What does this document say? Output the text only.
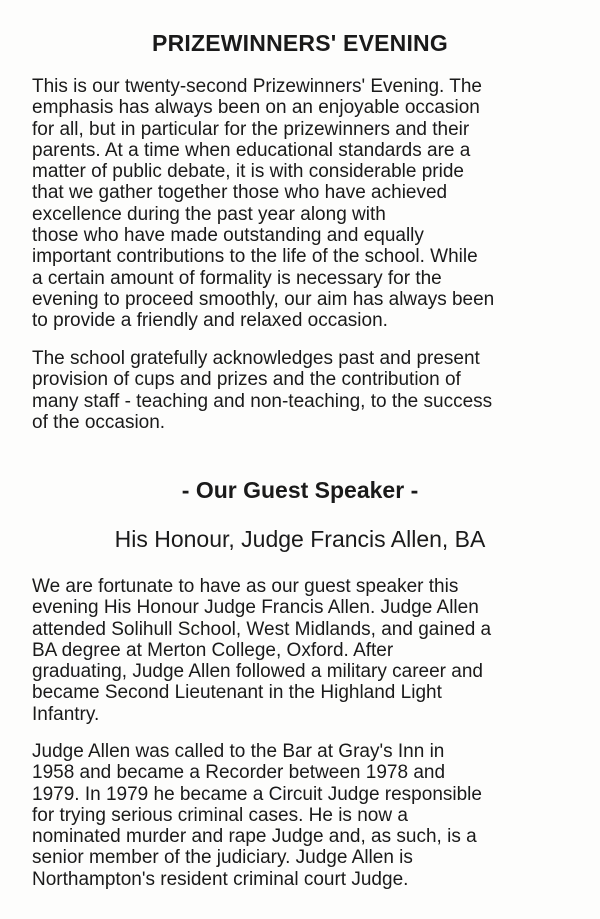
PRIZEWINNERS' EVENING
This is our twenty-second Prizewinners' Evening. The
emphasis has always been on an enjoyable occasion
for all, but in particular for the prizewinners and their
parents. At a time when educational standards are a
matter of public debate, it is with considerable pride
that we gather together those who have achieved
excellence during the past year along with
those who have made outstanding and equally
important contributions to the life of the school. While
a certain amount of formality is necessary for the
evening to proceed smoothly, our aim has always been
to provide a friendly and relaxed occasion.
The school gratefully acknowledges past and present
provision of cups and prizes and the contribution of
many staff - teaching and non-teaching, to the success
of the occasion.
- Our Guest Speaker -
His Honour, Judge Francis Allen, BA
We are fortunate to have as our guest speaker this
evening His Honour Judge Francis Allen. Judge Allen
attended Solihull School, West Midlands, and gained a
BA degree at Merton College, Oxford. After
graduating, Judge Allen followed a military career and
became Second Lieutenant in the Highland Light
Infantry.
Judge Allen was called to the Bar at Gray's Inn in
1958 and became a Recorder between 1978 and
1979. In 1979 he became a Circuit Judge responsible
for trying serious criminal cases. He is now a
nominated murder and rape Judge and, as such, is a
senior member of the judiciary. Judge Allen is
Northampton's resident criminal court Judge.
